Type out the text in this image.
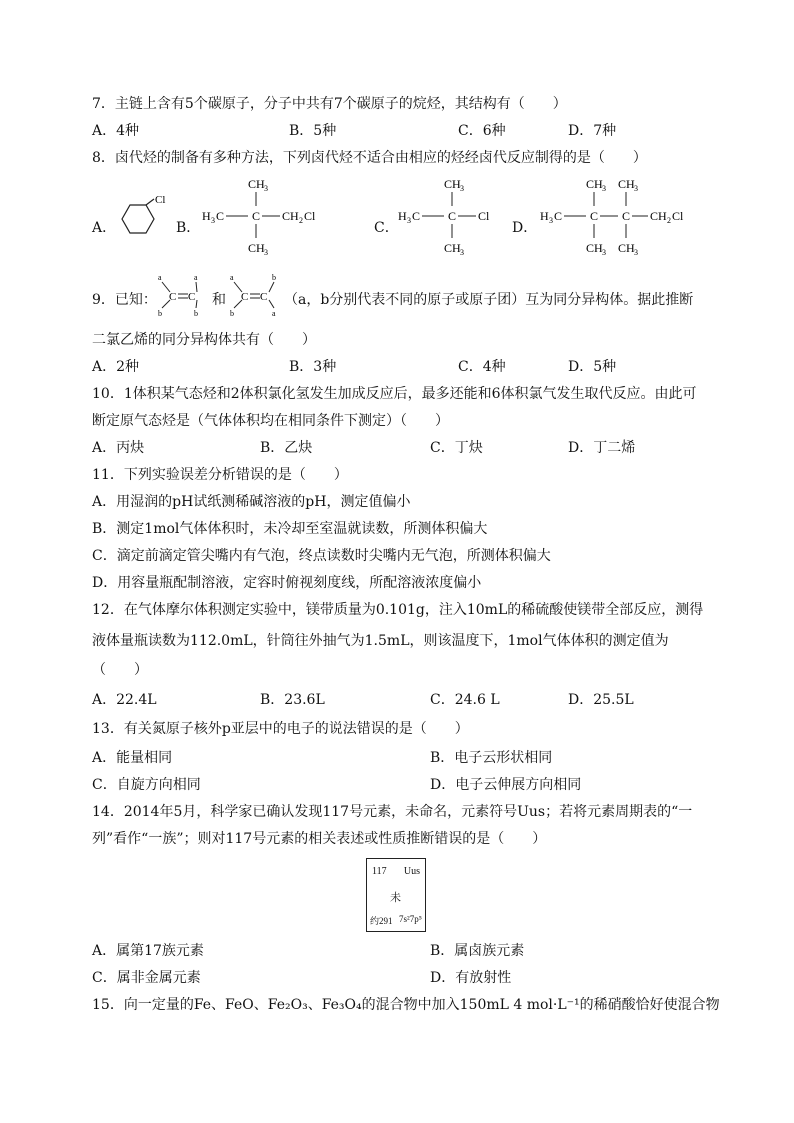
7．主链上含有5个碳原子，分子中共有7个碳原子的烷烃，其结构有（　　）
A．4种	B．5种	C．6种	D．7种
8．卤代烃的制备有多种方法，下列卤代烃不适合由相应的烃经卤代反应制得的是（　　）
A．
Cl
B．
CH 3
H 3 C C CH 2 Cl
CH 3
C．
CH 3
H 3 C C Cl
CH 3
D．
CH 3 CH 3
H 3 C C C CH 2 Cl
CH 3 CH 3
9．已知：
a
b
a
b
C C 和
a
b
b
a
C C （a，b分别代表不同的原子或原子团）互为同分异构体。据此推断
二氯乙烯的同分异构体共有（　　）
A．2种	B．3种	C．4种	D．5种
10．1体积某气态烃和2体积氯化氢发生加成反应后，最多还能和6体积氯气发生取代反应。由此可
断定原气态烃是（气体体积均在相同条件下测定）（　　）
A．丙炔	B．乙炔	C．丁炔	D．丁二烯
11．下列实验误差分析错误的是（　　）
A．用湿润的pH试纸测稀碱溶液的pH，测定值偏小
B．测定1mol气体体积时，未冷却至室温就读数，所测体积偏大
C．滴定前滴定管尖嘴内有气泡，终点读数时尖嘴内无气泡，所测体积偏大
D．用容量瓶配制溶液，定容时俯视刻度线，所配溶液浓度偏小
12．在气体摩尔体积测定实验中，镁带质量为0.101g，注入10mL的稀硫酸使镁带全部反应，测得
液体量瓶读数为112.0mL，针筒往外抽气为1.5mL，则该温度下，1mol气体体积的测定值为
（　　）
A．22.4L	B．23.6L	C．24.6 L	D．25.5L
13．有关氮原子核外p亚层中的电子的说法错误的是（　　）
A．能量相同	B．电子云形状相同
C．自旋方向相同	D．电子云伸展方向相同
14．2014年5月，科学家已确认发现117号元素，未命名，元素符号Uus；若将元素周期表的“一
列”看作“一族”；则对117号元素的相关表述或性质推断错误的是（　　）
117 Uus
未
约291 7s²7p⁵
A．属第17族元素	B．属卤族元素
C．属非金属元素	D．有放射性
15．向一定量的Fe、FeO、Fe₂O₃、Fe₃O₄的混合物中加入150mL 4 mol·L⁻¹的稀硝酸恰好使混合物
